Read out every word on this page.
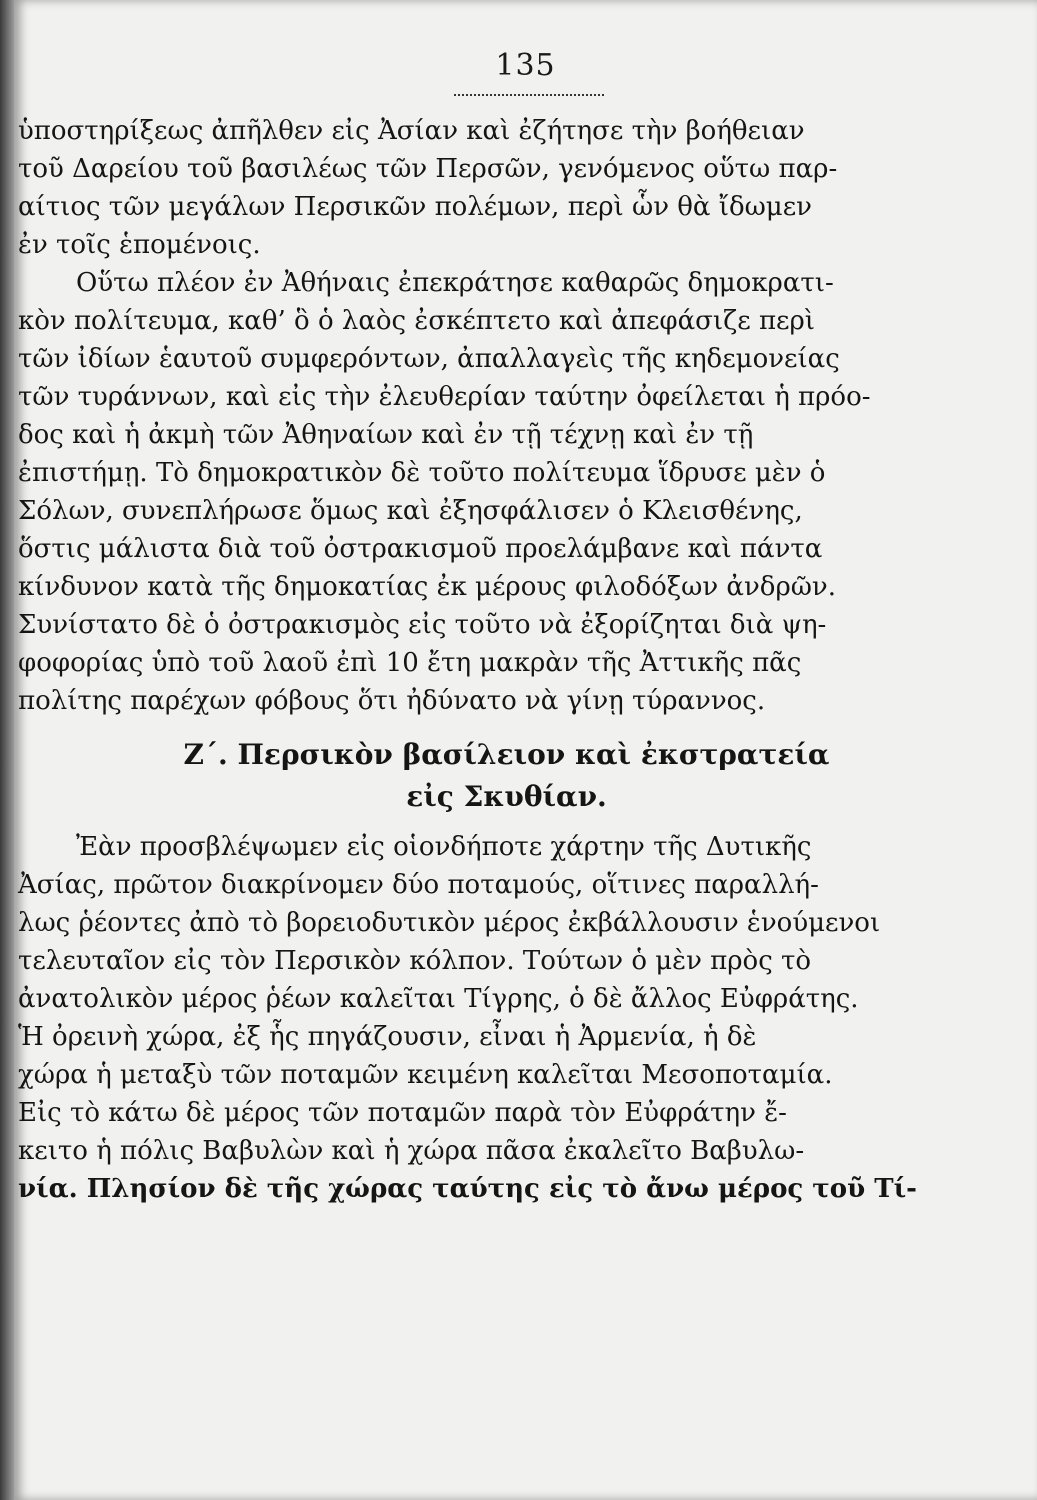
135
ὑποστηρίξεως ἀπῆλθεν εἰς Ἀσίαν καὶ ἐζήτησε τὴν βοήθειαν
τοῦ Δαρείου τοῦ βασιλέως τῶν Περσῶν, γενόμενος οὕτω παρ-
αίτιος τῶν μεγάλων Περσικῶν πολέμων, περὶ ὧν θὰ ἴδωμεν
ἐν τοῖς ἑπομένοις.
Οὕτω πλέον ἐν Ἀθήναις ἐπεκράτησε καθαρῶς δημοκρατι-
κὸν πολίτευμα, καθ’ ὃ ὁ λαὸς ἐσκέπτετο καὶ ἀπεφάσιζε περὶ
τῶν ἰδίων ἑαυτοῦ συμφερόντων, ἀπαλλαγεὶς τῆς κηδεμονείας
τῶν τυράννων, καὶ εἰς τὴν ἐλευθερίαν ταύτην ὀφείλεται ἡ πρόο-
δος καὶ ἡ ἀκμὴ τῶν Ἀθηναίων καὶ ἐν τῇ τέχνῃ καὶ ἐν τῇ
ἐπιστήμῃ. Τὸ δημοκρατικὸν δὲ τοῦτο πολίτευμα ἵδρυσε μὲν ὁ
Σόλων, συνεπλήρωσε ὅμως καὶ ἐξησφάλισεν ὁ Κλεισθένης,
ὅστις μάλιστα διὰ τοῦ ὀστρακισμοῦ προελάμβανε καὶ πάντα
κίνδυνον κατὰ τῆς δημοκατίας ἐκ μέρους φιλοδόξων ἀνδρῶν.
Συνίστατο δὲ ὁ ὀστρακισμὸς εἰς τοῦτο νὰ ἐξορίζηται διὰ ψη-
φοφορίας ὑπὸ τοῦ λαοῦ ἐπὶ 10 ἔτη μακρὰν τῆς Ἀττικῆς πᾶς
πολίτης παρέχων φόβους ὅτι ἠδύνατο νὰ γίνῃ τύραννος.
Ζ΄. Περσικὸν βασίλειον καὶ ἐκστρατεία
εἰς Σκυθίαν.
Ἐὰν προσβλέψωμεν εἰς οἱονδήποτε χάρτην τῆς Δυτικῆς
Ἀσίας, πρῶτον διακρίνομεν δύο ποταμούς, οἵτινες παραλλή-
λως ῥέοντες ἀπὸ τὸ βορειοδυτικὸν μέρος ἐκβάλλουσιν ἑνούμενοι
τελευταῖον εἰς τὸν Περσικὸν κόλπον. Τούτων ὁ μὲν πρὸς τὸ
ἀνατολικὸν μέρος ῥέων καλεῖται Τίγρης, ὁ δὲ ἄλλος Εὐφράτης.
Ἡ ὀρεινὴ χώρα, ἐξ ἧς πηγάζουσιν, εἶναι ἡ Ἀρμενία, ἡ δὲ
χώρα ἡ μεταξὺ τῶν ποταμῶν κειμένη καλεῖται Μεσοποταμία.
Εἰς τὸ κάτω δὲ μέρος τῶν ποταμῶν παρὰ τὸν Εὐφράτην ἔ-
κειτο ἡ πόλις Βαβυλὼν καὶ ἡ χώρα πᾶσα ἐκαλεῖτο Βαβυλω-
νία. Πλησίον δὲ τῆς χώρας ταύτης εἰς τὸ ἄνω μέρος τοῦ Τί-
